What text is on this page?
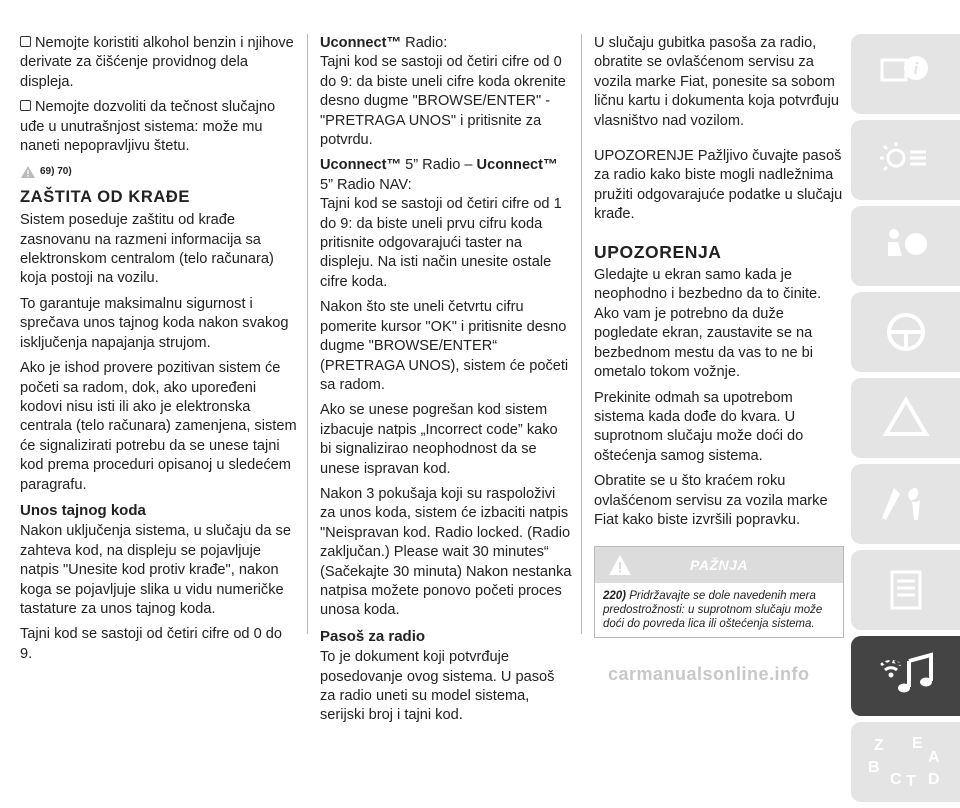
Nemojte koristiti alkohol benzin i njihove derivate za čišćenje providnog dela displeja.

Nemojte dozvoliti da tečnost slučajno uđe u unutrašnjost sistema: može mu naneti nepopravljivu štetu.

69) 70)
ZAŠTITA OD KRAĐE

Sistem poseduje zaštitu od krađe zasnovanu na razmeni informacija sa elektronskom centralom (telo računara) koja postoji na vozilu.

To garantuje maksimalnu sigurnost i sprečava unos tajnog koda nakon svakog isključenja napajanja strujom.

Ako je ishod provere pozitivan sistem će početi sa radom, dok, ako upoređeni kodovi nisu isti ili ako je elektronska centrala (telo računara) zamenjena, sistem će signalizirati potrebu da se unese tajni kod prema proceduri opisanoj u sledećem paragrafu.

Unos tajnog koda

Nakon uključenja sistema, u slučaju da se zahteva kod, na displeju se pojavljuje natpis "Unesite kod protiv krađe", nakon koga se pojavljuje slika u vidu numeričke tastature za unos tajnog koda.

Tajni kod se sastoji od četiri cifre od 0 do 9.

Uconnect™ Radio:

Tajni kod se sastoji od četiri cifre od 0 do 9: da biste uneli cifre koda okrenite desno dugme "BROWSE/ENTER" - "PRETRAGA UNOS" i pritisnite za potvrdu.

Uconnect™ 5” Radio – Uconnect™
5” Radio NAV:

Tajni kod se sastoji od četiri cifre od 1 do 9: da biste uneli prvu cifru koda pritisnite odgovarajući taster na displeju. Na isti način unesite ostale cifre koda.

Nakon što ste uneli četvrtu cifru pomerite kursor "OK" i pritisnite desno dugme "BROWSE/ENTER“ (PRETRAGA UNOS), sistem će početi sa radom.

Ako se unese pogrešan kod sistem izbacuje natpis „Incorrect code” kako bi signalizirao neophodnost da se unese ispravan kod.

Nakon 3 pokušaja koji su raspoloživi za unos koda, sistem će izbaciti natpis "Neispravan kod. Radio locked. (Radio zaključan.) Please wait 30 minutes“ (Sačekajte 30 minuta) Nakon nestanka natpisa možete ponovo početi proces unosa koda.

Pasoš za radio

To je dokument koji potvrđuje posedovanje ovog sistema. U pasoš za radio uneti su model sistema, serijski broj i tajni kod.

U slučaju gubitka pasoša za radio, obratite se ovlašćenom servisu za vozila marke Fiat, ponesite sa sobom ličnu kartu i dokumenta koja potvrđuju vlasništvo nad vozilom.

UPOZORENJE Pažljivo čuvajte pasoš za radio kako biste mogli nadležnima pružiti odgovarajuće podatke u slučaju krađe.

UPOZORENJA

Gledajte u ekran samo kada je neophodno i bezbedno da to činite. Ako vam je potrebno da duže pogledate ekran, zaustavite se na bezbednom mestu da vas to ne bi ometalo tokom vožnje.

Prekinite odmah sa upotrebom sistema kada dođe do kvara. U suprotnom slučaju može doći do oštećenja samog sistema.

Obratite se u što kraćem roku ovlašćenom servisu za vozila marke Fiat kako biste izvršili popravku.

PAŽNJA
220) Pridržavajte se dole navedenih mera predostrožnosti: u suprotnom slučaju može doći do povreda lica ili oštećenja sistema.
i
Z E
A
B
C T D
255
carmanualsonline.info
